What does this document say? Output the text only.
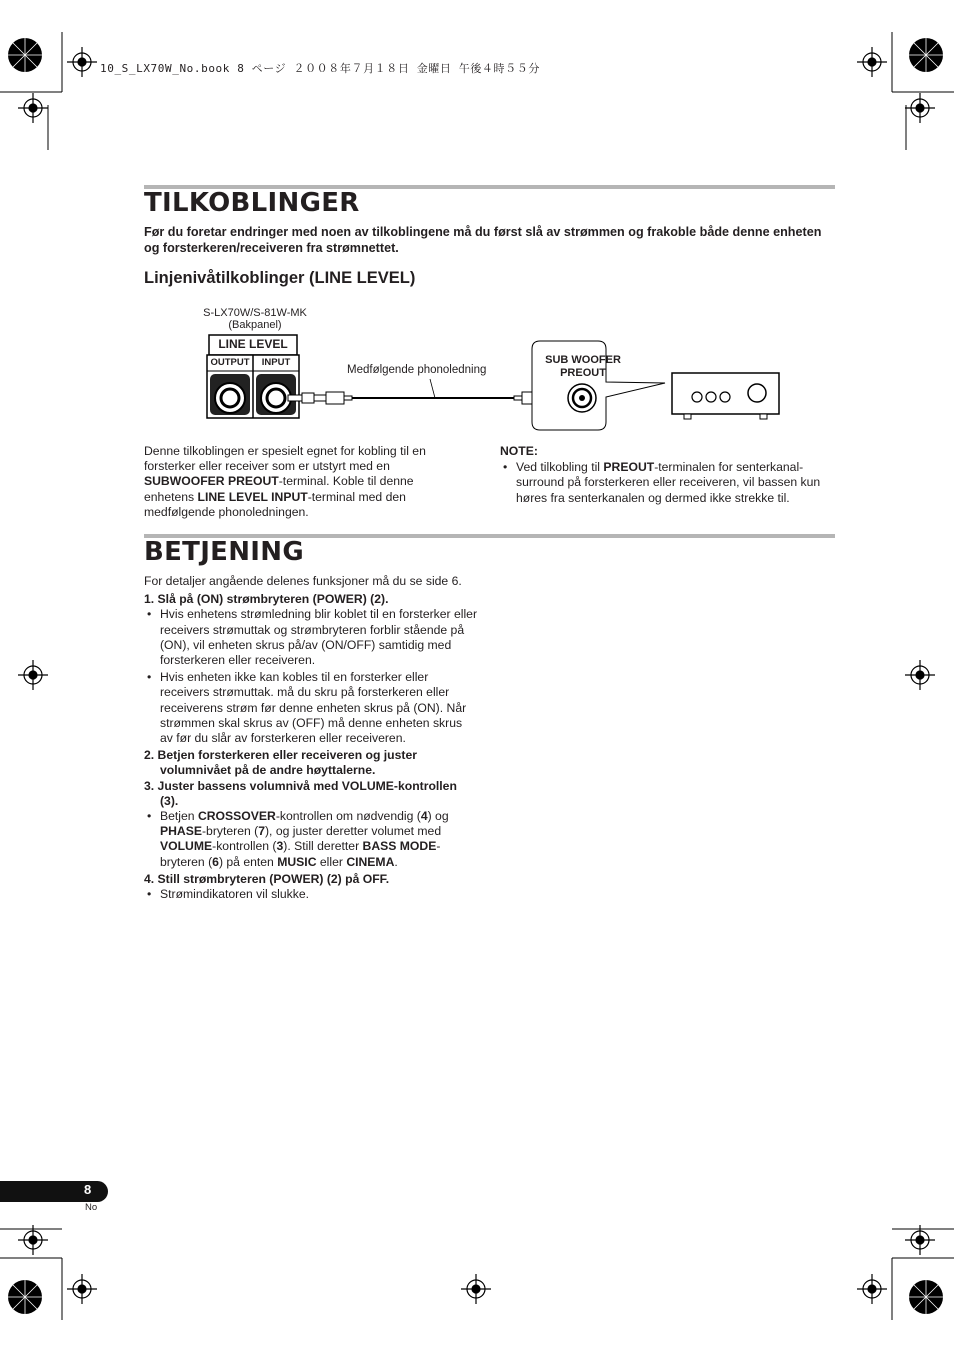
10_S_LX70W_No.book 8 ページ ２００８年７月１８日 金曜日 午後４時５５分
TILKOBLINGER
Før du foretar endringer med noen av tilkoblingene må du først slå av strømmen og frakoble både denne enheten og forsterkeren/receiveren fra strømnettet.
Linjenivåtilkoblinger (LINE LEVEL)
S-LX70W/S-81W-MK
(Bakpanel)
LINE LEVEL
OUTPUT	INPUT
Medfølgende phonoledning
SUB WOOFER
PREOUT

Denne tilkoblingen er spesielt egnet for kobling til en forsterker eller receiver som er utstyrt med en SUBWOOFER PREOUT-terminal. Koble til denne enhetens LINE LEVEL INPUT-terminal med den medfølgende phonoledningen.

NOTE:

• Ved tilkobling til PREOUT-terminalen for senterkanal-surround på forsterkeren eller receiveren, vil bassen kun høres fra senterkanalen og dermed ikke strekke til.

BETJENING

For detaljer angående delenes funksjoner må du se side 6.

1. Slå på (ON) strømbryteren (POWER) (2).

• Hvis enhetens strømledning blir koblet til en forsterker eller receivers strømuttak og strømbryteren forblir stående på (ON), vil enheten skrus på/av (ON/OFF) samtidig med forsterkeren eller receiveren.

• Hvis enheten ikke kan kobles til en forsterker eller receivers strømuttak. må du skru på forsterkeren eller receiverens strøm før denne enheten skrus på (ON). Når strømmen skal skrus av (OFF) må denne enheten skrus av før du slår av forsterkeren eller receiveren.

2. Betjen forsterkeren eller receiveren og juster volumnivået på de andre høyttalerne.

3. Juster bassens volumnivå med VOLUME-kontrollen (3).

• Betjen CROSSOVER-kontrollen om nødvendig (4) og PHASE-bryteren (7), og juster deretter volumet med VOLUME-kontrollen (3). Still deretter BASS MODE-bryteren (6) på enten MUSIC eller CINEMA.

4. Still strømbryteren (POWER) (2) på OFF.

• Strømindikatoren vil slukke.

8
No
